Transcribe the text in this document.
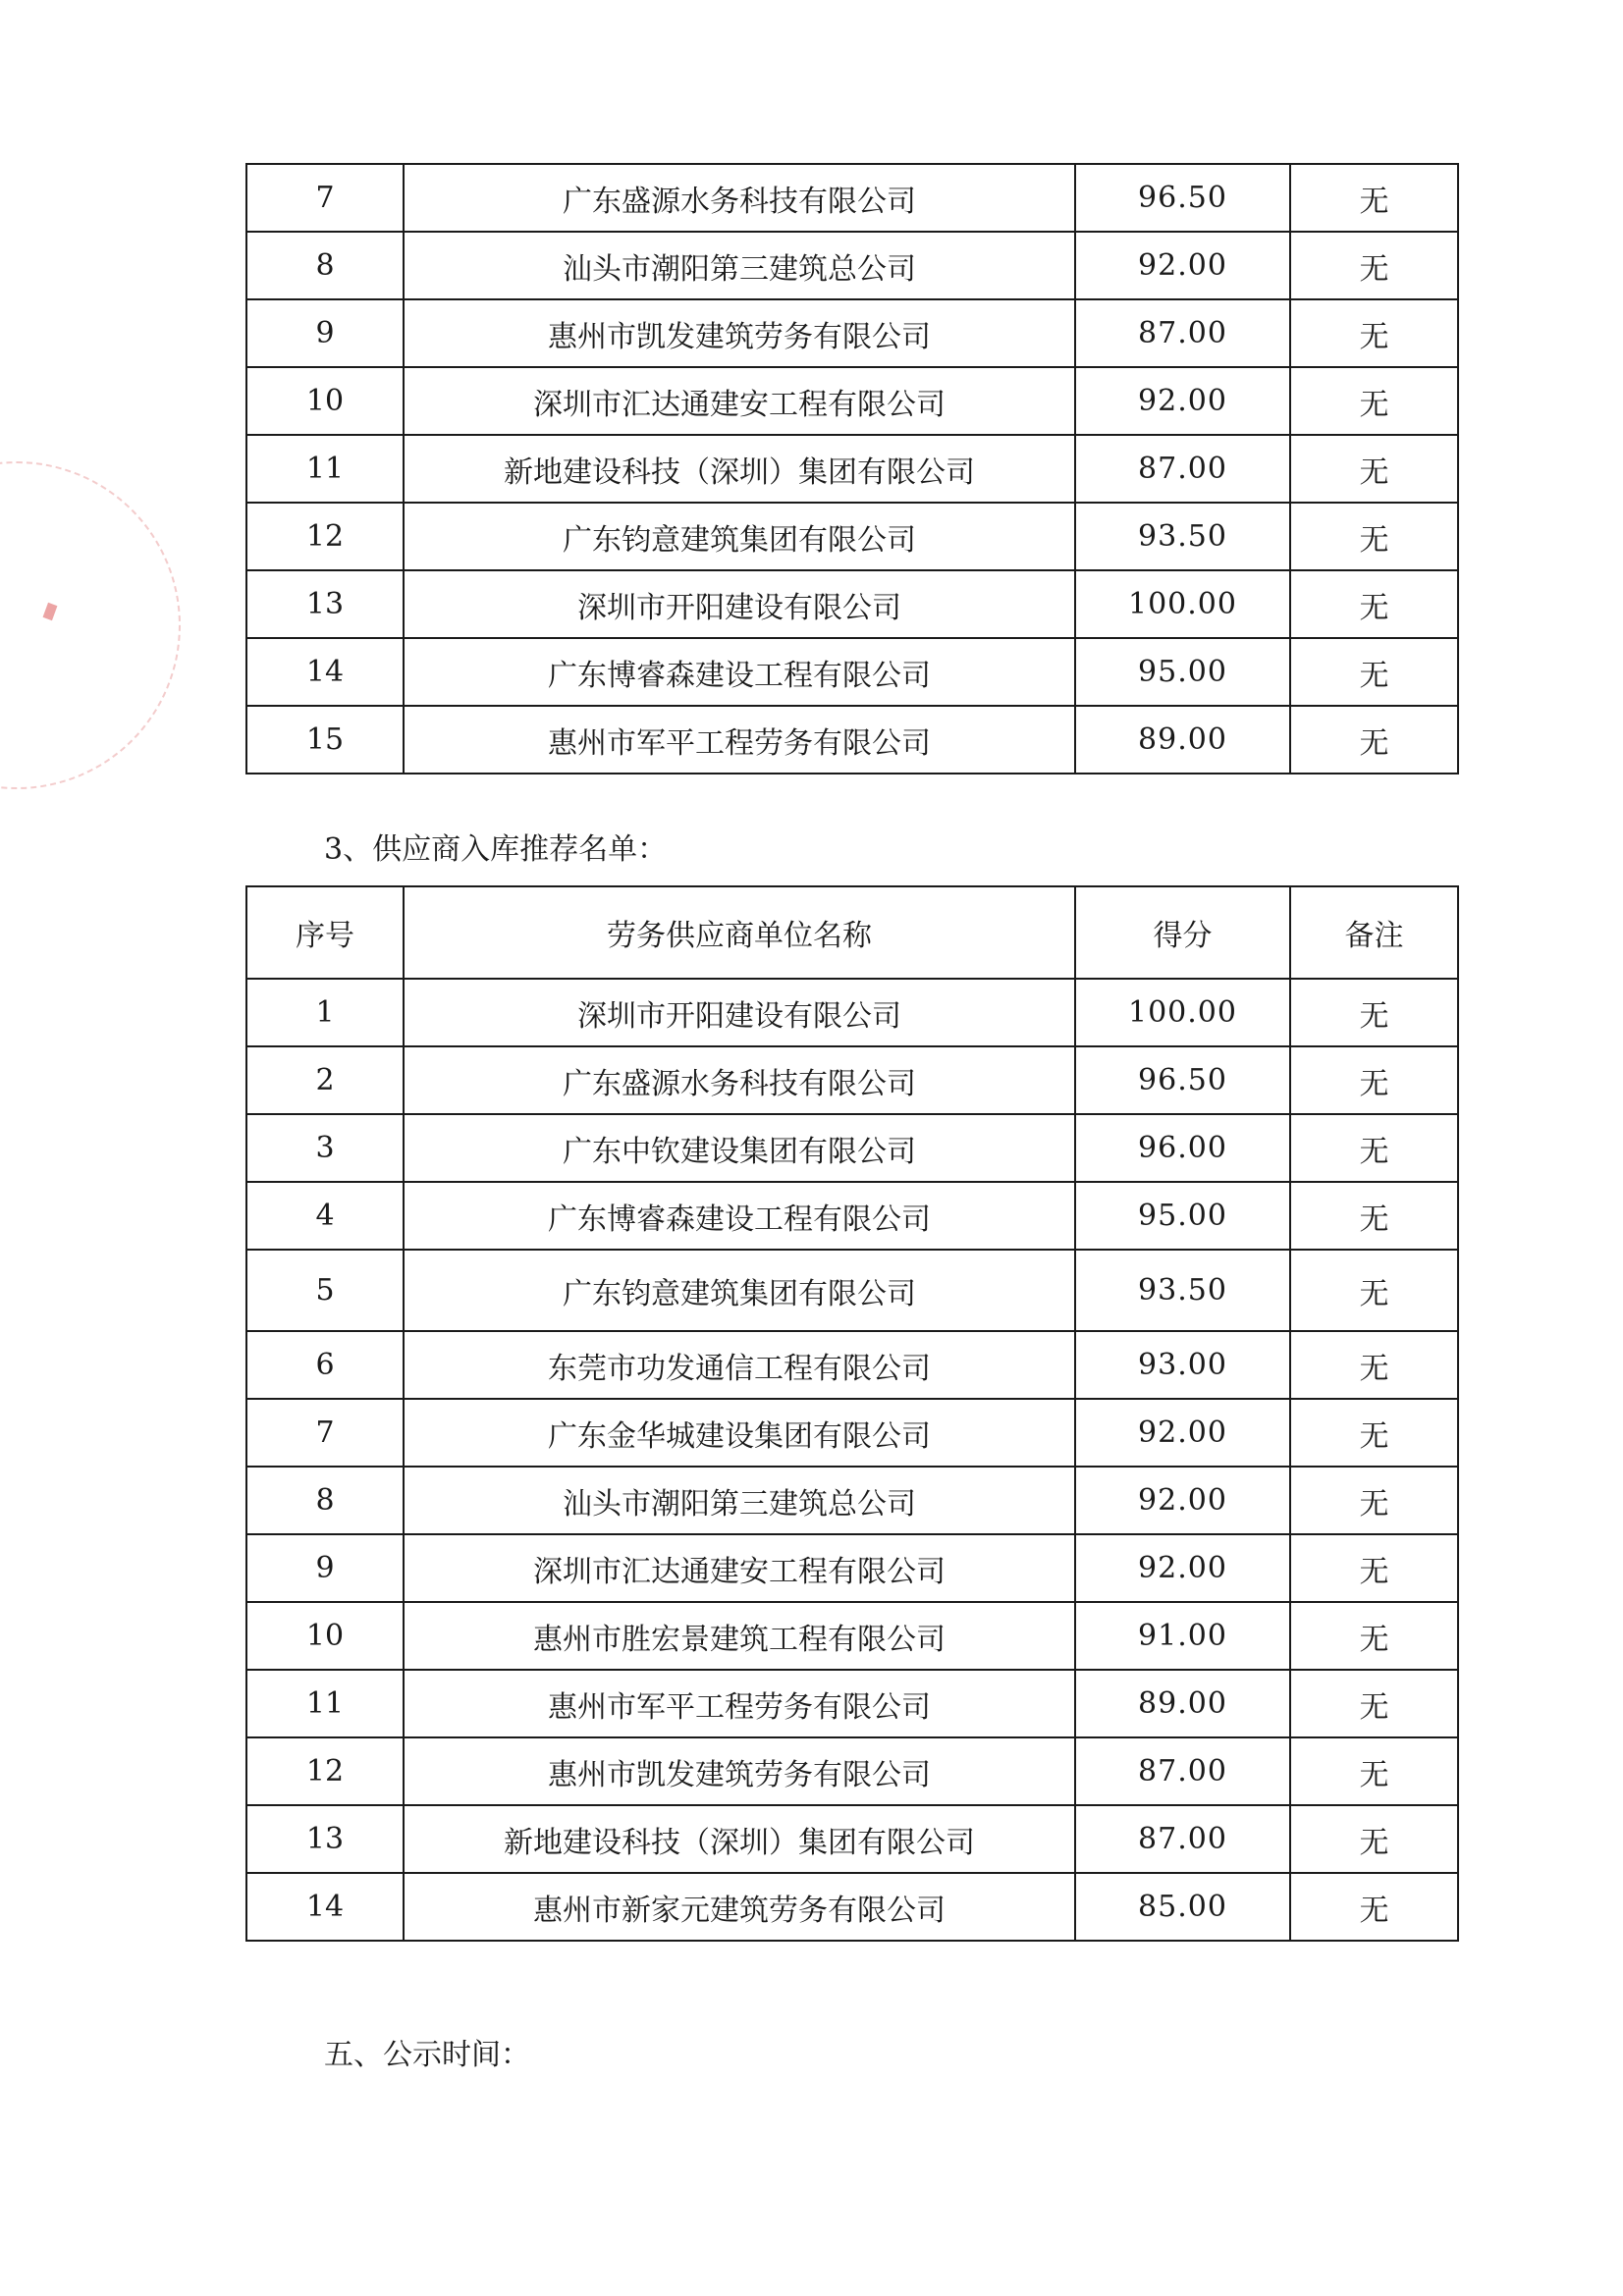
7	广东盛源水务科技有限公司	96.50	无
8	汕头市潮阳第三建筑总公司	92.00	无
9	惠州市凯发建筑劳务有限公司	87.00	无
10	深圳市汇达通建安工程有限公司	92.00	无
11	新地建设科技（深圳）集团有限公司	87.00	无
12	广东钧意建筑集团有限公司	93.50	无
13	深圳市开阳建设有限公司	100.00	无
14	广东博睿森建设工程有限公司	95.00	无
15	惠州市军平工程劳务有限公司	89.00	无

3、供应商入库推荐名单：

序号	劳务供应商单位名称	得分	备注
1	深圳市开阳建设有限公司	100.00	无
2	广东盛源水务科技有限公司	96.50	无
3	广东中钦建设集团有限公司	96.00	无
4	广东博睿森建设工程有限公司	95.00	无
5	广东钧意建筑集团有限公司	93.50	无
6	东莞市功发通信工程有限公司	93.00	无
7	广东金华城建设集团有限公司	92.00	无
8	汕头市潮阳第三建筑总公司	92.00	无
9	深圳市汇达通建安工程有限公司	92.00	无
10	惠州市胜宏景建筑工程有限公司	91.00	无
11	惠州市军平工程劳务有限公司	89.00	无
12	惠州市凯发建筑劳务有限公司	87.00	无
13	新地建设科技（深圳）集团有限公司	87.00	无
14	惠州市新家元建筑劳务有限公司	85.00	无

五、公示时间：
